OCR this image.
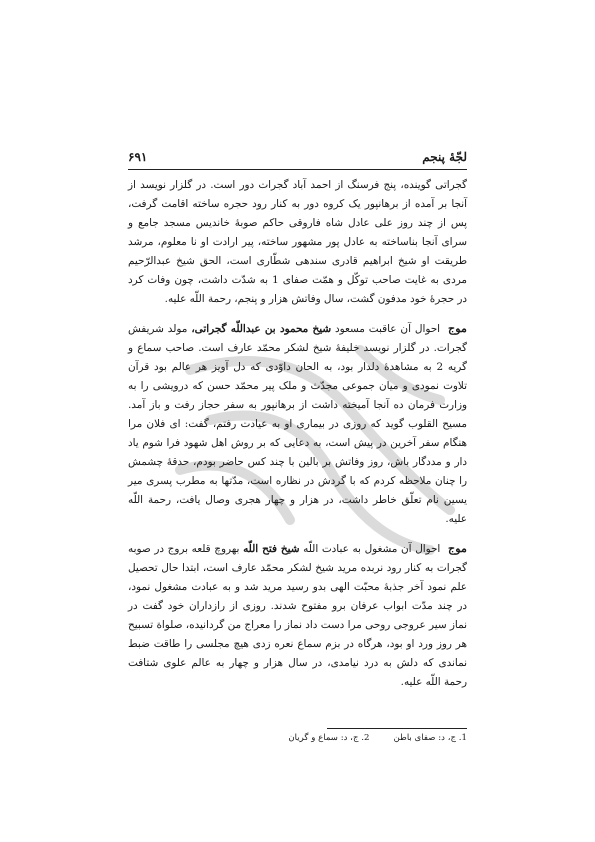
لجّهٔ پنجم
۶۹۱

گجراتی گوینده، پنج فرسنگ از احمد آباد گجرات دور است. در گلزار نویسد از آنجا بر آمده از برهانپور یک کروه دور به کنار رود حجره ساخته اقامت گرفت، پس از چند روز علی عادل شاه فاروقی حاکم صوبهٔ خاندیس مسجد جامع و سرای آنجا بناساخته به عادل پور مشهور ساخته، پیر ارادت او نا معلوم، مرشد طریقت او شیخ ابراهیم قادری سندهی شطّاری است، الحق شیخ عبدالرّحیم مردی به غایت صاحب توکّل و همّت صفای 1 به شدّت داشت، چون وفات کرد در حجرهٔ خود مدفون گشت، سال وفاتش هزار و پنجم، رحمة اللّه علیه.

موج احوال آن عاقبت مسعود شیخ محمود بن عبداللّه گجراتی، مولد شریفش گجرات. در گلزار نویسد خلیفهٔ شیخ لشکر محمّد عارف است. صاحب سماع و گریه 2 به مشاهدهٔ دلدار بود، به الحان داوّدی که دل آویز هر عالم بود قرآن تلاوت نمودی و میان جموعی مجدّث و ملک پیر محمّد حسن که درویشی را به وزارت فرمان ده آنجا آمیخته داشت از برهانپور به سفر حجاز رفت و باز آمد. مسیح القلوب گوید که روزی در بیماری او به عیادت رفتم، گفت: ای فلان مرا هنگام سفر آخرین در پیش است، به دعایی که بر روش اهل شهود فرا شوم یاد دار و مددگار باش، روز وفاتش بر بالین با چند کس حاضر بودم، حدقهٔ چشمش را چنان ملاحظه کردم که با گردش در نظاره است، مدّتها به مطرب پسری میر یسین نام تعلّق خاطر داشت، در هزار و چهار هجری وصال یافت، رحمة اللّه علیه.

موج احوال آن مشغول به عبادت اللّه شیخ فتح اللّه بهروچ قلعه بروج در صوبه گجرات به کنار رود نربده مرید شیخ لشکر محمّد عارف است، ابتدا حال تحصیل علم نمود آخر جذبهٔ محبّت الهی بدو رسید مرید شد و به عبادت مشغول نمود، در چند مدّت ابواب عرفان برو مفتوح شدند. روزی از رازداران خود گفت در نماز سیر عروجی روحی مرا دست داد نماز را معراج من گردانیده، صلواة تسبیح هر روز ورد او بود، هرگاه در بزم سماع نعره زدی هیچ مجلسی را طاقت ضبط نماندی که دلش به درد نیامدی، در سال هزار و چهار به عالم علوی شتافت رحمة اللّه علیه.

1. ج، د: صفای باطن
2. ج، د: سماع و گریان
